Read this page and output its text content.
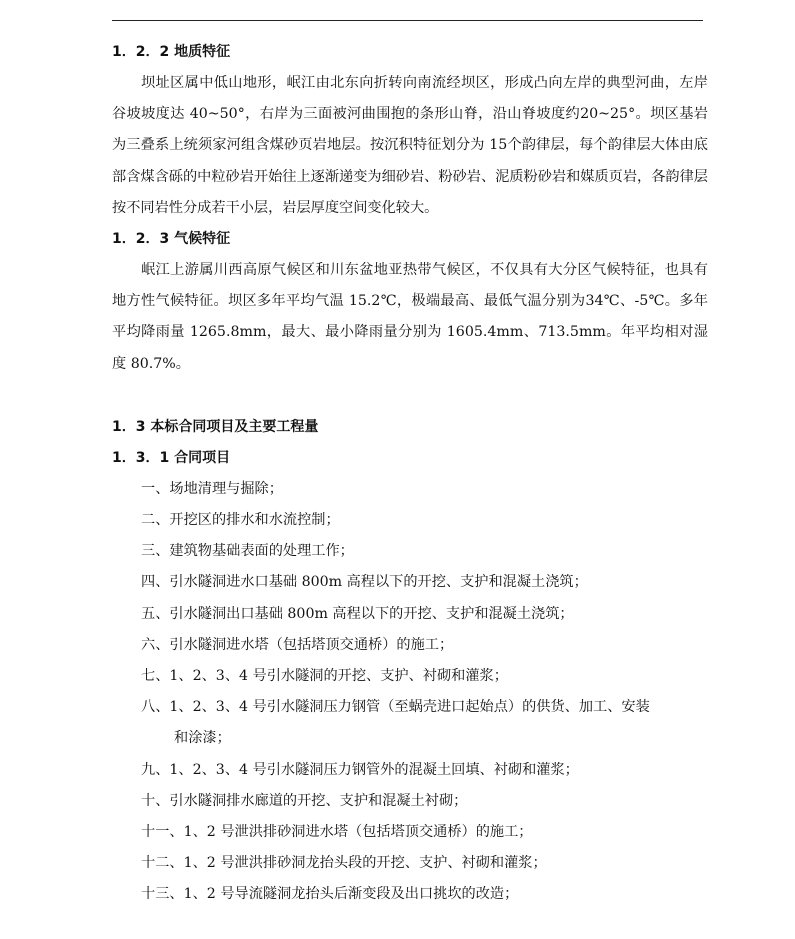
1．2．2 地质特征
坝址区属中低山地形，岷江由北东向折转向南流经坝区，形成凸向左岸的典型河曲，左岸谷坡坡度达 40~50°，右岸为三面被河曲围抱的条形山脊，沿山脊坡度约20~25°。坝区基岩为三叠系上统须家河组含煤砂页岩地层。按沉积特征划分为 15个韵律层，每个韵律层大体由底部含煤含砾的中粒砂岩开始往上逐渐递变为细砂岩、粉砂岩、泥质粉砂岩和媒质页岩，各韵律层按不同岩性分成若干小层，岩层厚度空间变化较大。
1．2．3 气候特征
岷江上游属川西高原气候区和川东盆地亚热带气候区，不仅具有大分区气候特征，也具有地方性气候特征。坝区多年平均气温 15.2℃，极端最高、最低气温分别为34℃、-5℃。多年平均降雨量 1265.8mm，最大、最小降雨量分别为 1605.4mm、713.5mm。年平均相对湿度 80.7%。
1．3 本标合同项目及主要工程量
1．3．1 合同项目
一、场地清理与掘除；
二、开挖区的排水和水流控制；
三、建筑物基础表面的处理工作；
四、引水隧洞进水口基础 800m 高程以下的开挖、支护和混凝土浇筑；
五、引水隧洞出口基础 800m 高程以下的开挖、支护和混凝土浇筑；
六、引水隧洞进水塔（包括塔顶交通桥）的施工；
七、1、2、3、4 号引水隧洞的开挖、支护、衬砌和灌浆；
八、1、2、3、4 号引水隧洞压力钢管（至蜗壳进口起始点）的供货、加工、安装
和涂漆；
九、1、2、3、4 号引水隧洞压力钢管外的混凝土回填、衬砌和灌浆；
十、引水隧洞排水廊道的开挖、支护和混凝土衬砌；
十一、1、2 号泄洪排砂洞进水塔（包括塔顶交通桥）的施工；
十二、1、2 号泄洪排砂洞龙抬头段的开挖、支护、衬砌和灌浆；
十三、1、2 号导流隧洞龙抬头后渐变段及出口挑坎的改造；
